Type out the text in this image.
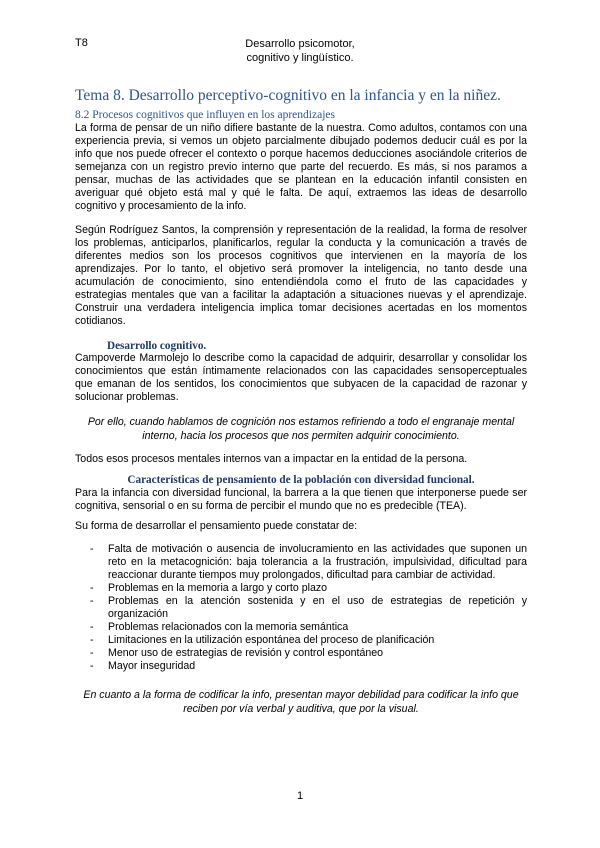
T8	Desarrollo psicomotor,
cognitivo y lingüístico.
Tema 8. Desarrollo perceptivo-cognitivo en la infancia y en la niñez.
8.2 Procesos cognitivos que influyen en los aprendizajes

La forma de pensar de un niño difiere bastante de la nuestra. Como adultos, contamos con una experiencia previa, si vemos un objeto parcialmente dibujado podemos deducir cuál es por la info que nos puede ofrecer el contexto o porque hacemos deducciones asociándole criterios de semejanza con un registro previo interno que parte del recuerdo. Es más, si nos paramos a pensar, muchas de las actividades que se plantean en la educación infantil consisten en averiguar qué objeto está mal y qué le falta. De aquí, extraemos las ideas de desarrollo cognitivo y procesamiento de la info.

Según Rodríguez Santos, la comprensión y representación de la realidad, la forma de resolver los problemas, anticiparlos, planificarlos, regular la conducta y la comunicación a través de diferentes medios son los procesos cognitivos que intervienen en la mayoría de los aprendizajes. Por lo tanto, el objetivo será promover la inteligencia, no tanto desde una acumulación de conocimiento, sino entendiéndola como el fruto de las capacidades y estrategias mentales que van a facilitar la adaptación a situaciones nuevas y el aprendizaje. Construir una verdadera inteligencia implica tomar decisiones acertadas en los momentos cotidianos.

Desarrollo cognitivo.

Campoverde Marmolejo lo describe como la capacidad de adquirir, desarrollar y consolidar los conocimientos que están íntimamente relacionados con las capacidades sensoperceptuales que emanan de los sentidos, los conocimientos que subyacen de la capacidad de razonar y solucionar problemas.

Por ello, cuando hablamos de cognición nos estamos refiriendo a todo el engranaje mental interno, hacia los procesos que nos permiten adquirir conocimiento.

Todos esos procesos mentales internos van a impactar en la entidad de la persona.

Características de pensamiento de la población con diversidad funcional.

Para la infancia con diversidad funcional, la barrera a la que tienen que interponerse puede ser cognitiva, sensorial o en su forma de percibir el mundo que no es predecible (TEA).

Su forma de desarrollar el pensamiento puede constatar de:

- Falta de motivación o ausencia de involucramiento en las actividades que suponen un reto en la metacognición: baja tolerancia a la frustración, impulsividad, dificultad para reaccionar durante tiempos muy prolongados, dificultad para cambiar de actividad.
- Problemas en la memoria a largo y corto plazo
- Problemas en la atención sostenida y en el uso de estrategias de repetición y organización
- Problemas relacionados con la memoria semántica
- Limitaciones en la utilización espontánea del proceso de planificación
- Menor uso de estrategias de revisión y control espontáneo
- Mayor inseguridad

En cuanto a la forma de codificar la info, presentan mayor debilidad para codificar la info que reciben por vía verbal y auditiva, que por la visual.

1
